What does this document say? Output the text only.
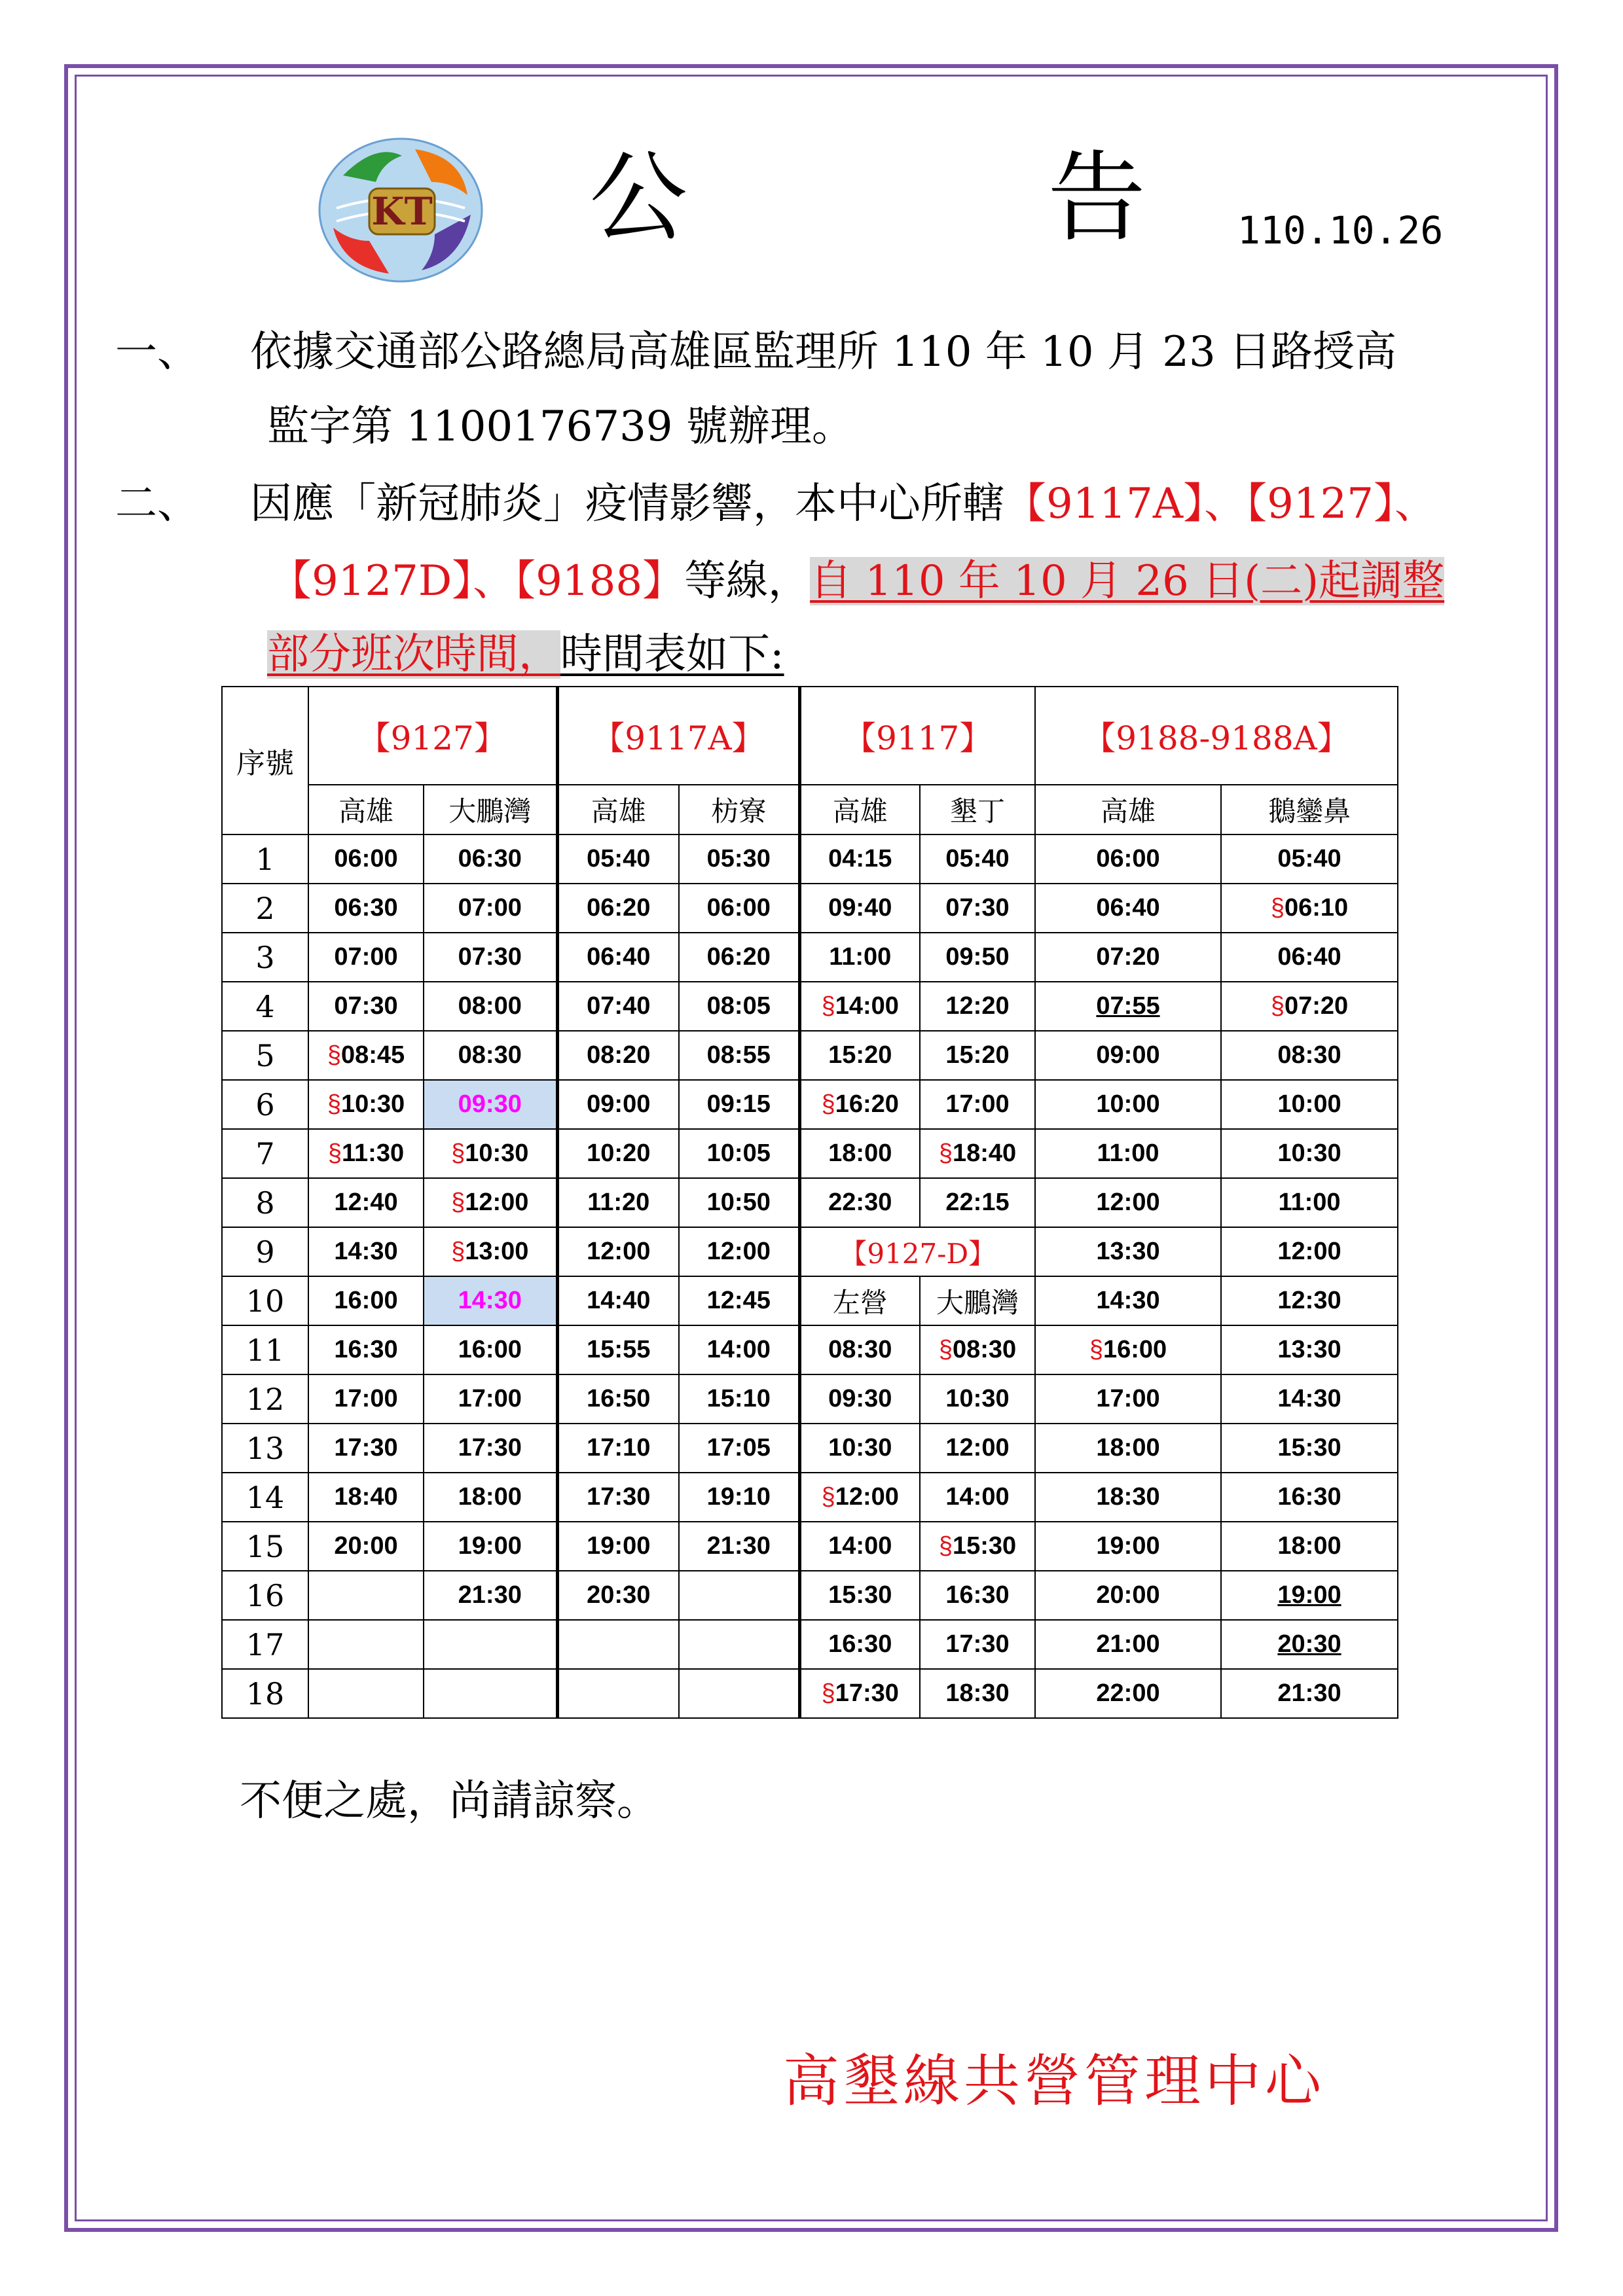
KT 公　告
110.10.26
一、 依據交通部公路總局高雄區監理所 110 年 10 月 23 日路授高
監字第 1100176739 號辦理。
二、 因應「新冠肺炎」疫情影響，本中心所轄【9117A】、【9127】、
【9127D】、【9188】等線，自 110 年 10 月 26 日(二)起調整
部分班次時間，時間表如下:
序號	【9127】		【9117A】		【9117】		【9188-9188A】	
	高雄	大鵬灣	高雄	枋寮	高雄	墾丁	高雄	鵝鑾鼻
1	06:00	06:30	05:40	05:30	04:15	05:40	06:00	05:40
2	06:30	07:00	06:20	06:00	09:40	07:30	06:40	§06:10
3	07:00	07:30	06:40	06:20	11:00	09:50	07:20	06:40
4	07:30	08:00	07:40	08:05	§14:00	12:20	07:55	§07:20
5	§08:45	08:30	08:20	08:55	15:20	15:20	09:00	08:30
6	§10:30	09:30	09:00	09:15	§16:20	17:00	10:00	10:00
7	§11:30	§10:30	10:20	10:05	18:00	§18:40	11:00	10:30
8	12:40	§12:00	11:20	10:50	22:30	22:15	12:00	11:00
9	14:30	§13:00	12:00	12:00	【9127-D】		13:30	12:00
10	16:00	14:30	14:40	12:45	左營	大鵬灣	14:30	12:30
11	16:30	16:00	15:55	14:00	08:30	§08:30	§16:00	13:30
12	17:00	17:00	16:50	15:10	09:30	10:30	17:00	14:30
13	17:30	17:30	17:10	17:05	10:30	12:00	18:00	15:30
14	18:40	18:00	17:30	19:10	§12:00	14:00	18:30	16:30
15	20:00	19:00	19:00	21:30	14:00	§15:30	19:00	18:00
16		21:30	20:30		15:30	16:30	20:00	19:00
17					16:30	17:30	21:00	20:30
18					§17:30	18:30	22:00	21:30
不便之處，尚請諒察。
高墾線共營管理中心
